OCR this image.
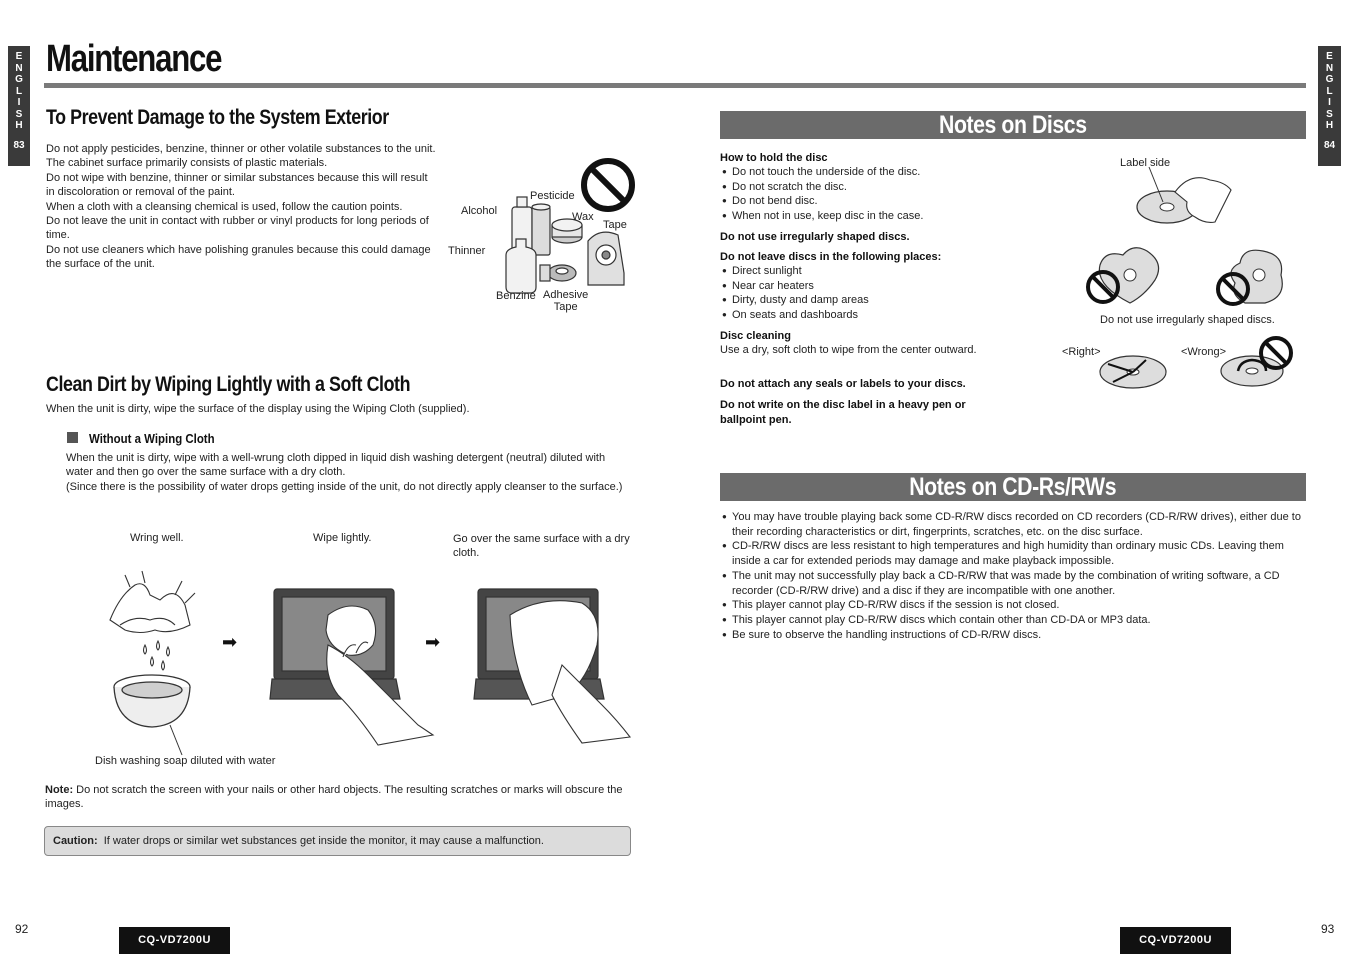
E
N
G
L
I
S
H
83
E
N
G
L
I
S
H
84
Maintenance
To Prevent Damage to the System Exterior

Do not apply pesticides, benzine, thinner or other volatile substances to the unit. The cabinet surface primarily consists of plastic materials.

Do not wipe with benzine, thinner or similar substances because this will result in discoloration or removal of the paint.

When a cloth with a cleansing chemical is used, follow the caution points.

Do not leave the unit in contact with rubber or vinyl products for long periods of time.

Do not use cleaners which have polishing granules because this could damage the surface of the unit.

Pesticide
Alcohol	Wax
Tape
Thinner
Benzine Adhesive
Tape
Clean Dirt by Wiping Lightly with a Soft Cloth
When the unit is dirty, wipe the surface of the display using the Wiping Cloth (supplied).
Without a Wiping Cloth

When the unit is dirty, wipe with a well-wrung cloth dipped in liquid dish washing detergent (neutral) diluted with water and then go over the same surface with a dry cloth.

(Since there is the possibility of water drops getting inside of the unit, do not directly apply cleanser to the surface.)

Wring well.	Wipe lightly.	Go over the same surface with a dry cloth.
Dish washing soap diluted with water
➡	➡
Note: Do not scratch the screen with your nails or other hard objects. The resulting scratches or marks will obscure the images.
Caution: If water drops or similar wet substances get inside the monitor, it may cause a malfunction.
92
CQ-VD7200U
Notes on Discs
How to hold the disc
● Do not touch the underside of the disc.
● Do not scratch the disc.
● Do not bend disc.
● When not in use, keep disc in the case.
Do not use irregularly shaped discs.
Do not leave discs in the following places:
● Direct sunlight
● Near car heaters
● Dirty, dusty and damp areas
● On seats and dashboards
Disc cleaning
Use a dry, soft cloth to wipe from the center outward.
Do not attach any seals or labels to your discs.
Do not write on the disc label in a heavy pen or ballpoint pen.
Label side
Do not use irregularly shaped discs.
<Right>	<Wrong>
Notes on CD-Rs/RWs
● You may have trouble playing back some CD-R/RW discs recorded on CD recorders (CD-R/RW drives), either due to their recording characteristics or dirt, fingerprints, scratches, etc. on the disc surface.
● CD-R/RW discs are less resistant to high temperatures and high humidity than ordinary music CDs. Leaving them inside a car for extended periods may damage and make playback impossible.
● The unit may not successfully play back a CD-R/RW that was made by the combination of writing software, a CD recorder (CD-R/RW drive) and a disc if they are incompatible with one another.
● This player cannot play CD-R/RW discs if the session is not closed.
● This player cannot play CD-R/RW discs which contain other than CD-DA or MP3 data.
● Be sure to observe the handling instructions of CD-R/RW discs.
CQ-VD7200U
93
